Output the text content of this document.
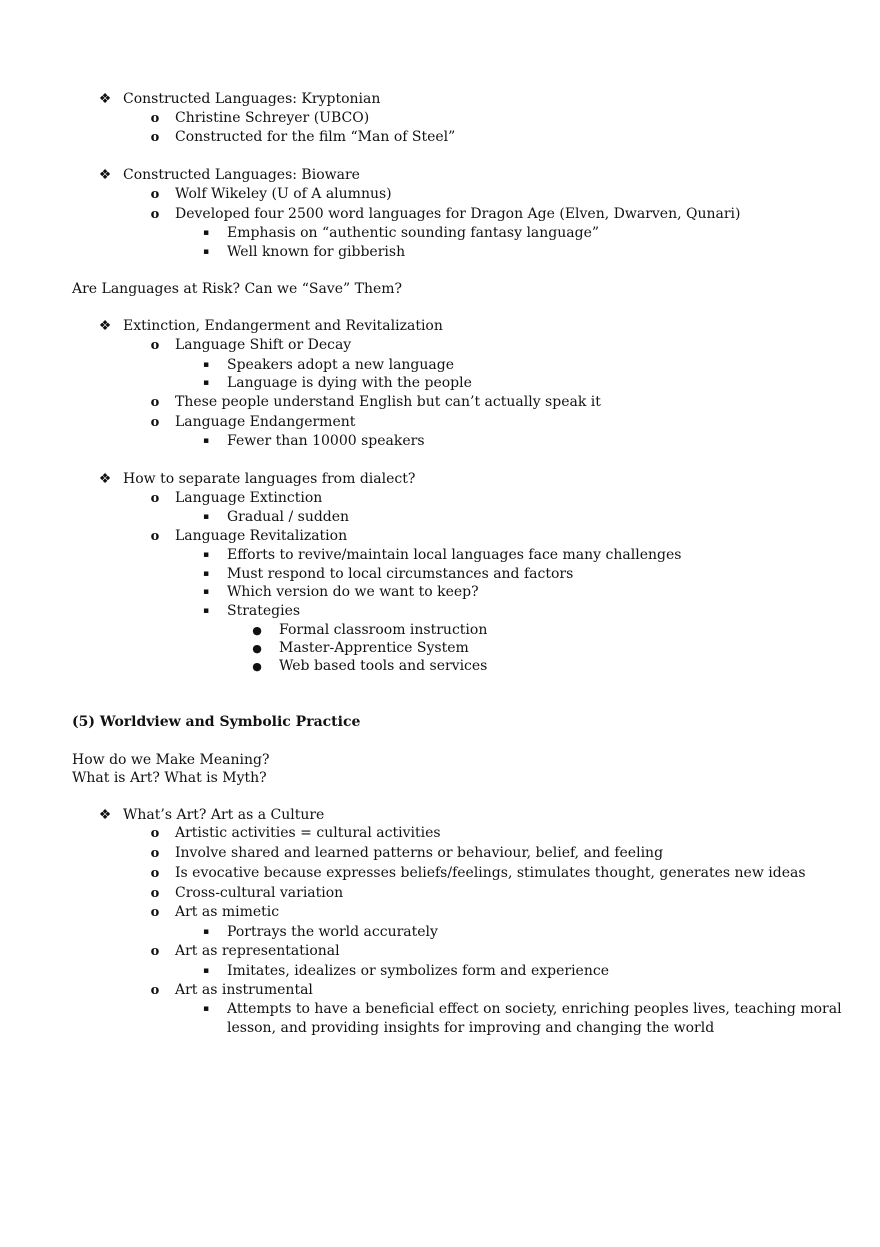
❖ Constructed Languages: Kryptonian
o Christine Schreyer (UBCO)
o Constructed for the film “Man of Steel”
❖ Constructed Languages: Bioware
o Wolf Wikeley (U of A alumnus)
o Developed four 2500 word languages for Dragon Age (Elven, Dwarven, Qunari)
▪ Emphasis on “authentic sounding fantasy language”
▪ Well known for gibberish
Are Languages at Risk? Can we “Save” Them?
❖ Extinction, Endangerment and Revitalization
o Language Shift or Decay
▪ Speakers adopt a new language
▪ Language is dying with the people
o These people understand English but can’t actually speak it
o Language Endangerment
▪ Fewer than 10000 speakers
❖ How to separate languages from dialect?
o Language Extinction
▪ Gradual / sudden
o Language Revitalization
▪ Efforts to revive/maintain local languages face many challenges
▪ Must respond to local circumstances and factors
▪ Which version do we want to keep?
▪ Strategies
● Formal classroom instruction
● Master-Apprentice System
● Web based tools and services
(5) Worldview and Symbolic Practice
How do we Make Meaning?
What is Art? What is Myth?
❖ What’s Art? Art as a Culture
o Artistic activities = cultural activities
o Involve shared and learned patterns or behaviour, belief, and feeling
o Is evocative because expresses beliefs/feelings, stimulates thought, generates new ideas
o Cross-cultural variation
o Art as mimetic
▪ Portrays the world accurately
o Art as representational
▪ Imitates, idealizes or symbolizes form and experience
o Art as instrumental
▪ Attempts to have a beneficial effect on society, enriching peoples lives, teaching moral
lesson, and providing insights for improving and changing the world
